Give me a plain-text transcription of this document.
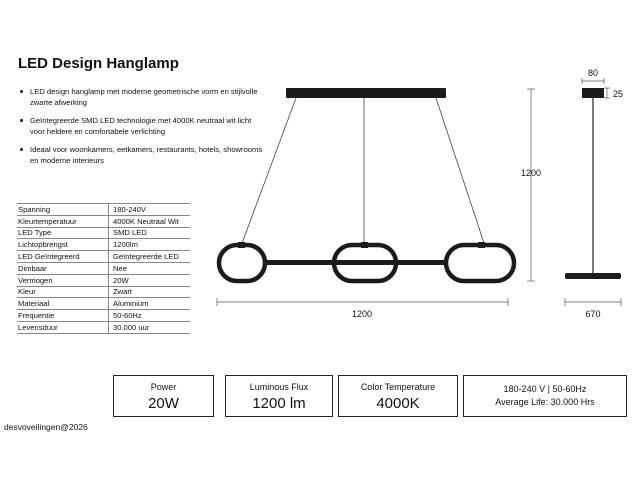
LED Design Hanglamp
LED design hanglamp met moderne geometrische vorm en stijlvolle zwarte afwerking
Geïntegreerde SMD LED technologie met 4000K neutraal wit licht voor heldere en comfortabele verlichting
Ideaal voor woonkamers, eetkamers, restaurants, hotels, showrooms en moderne interieurs
Spanning	180-240V
Kleurtemperatuur	4000K Neutraal Wit
LED Type	SMD LED
Lichtopbrengst	1200lm
LED Geïntegreerd	Geïntegreerde LED
Dimbaar	Nee
Vermogen	20W
Kleur	Zwart
Materiaal	Aluminium
Frequentie	50-60Hz
Levensduur	30.000 uur
1200
1200
80
25
670
Power
20W
Luminous Flux
1200 lm
Color Temperature
4000K
180-240 V | 50-60Hz
Average Life: 30.000 Hrs
desvoveilingen@2026
